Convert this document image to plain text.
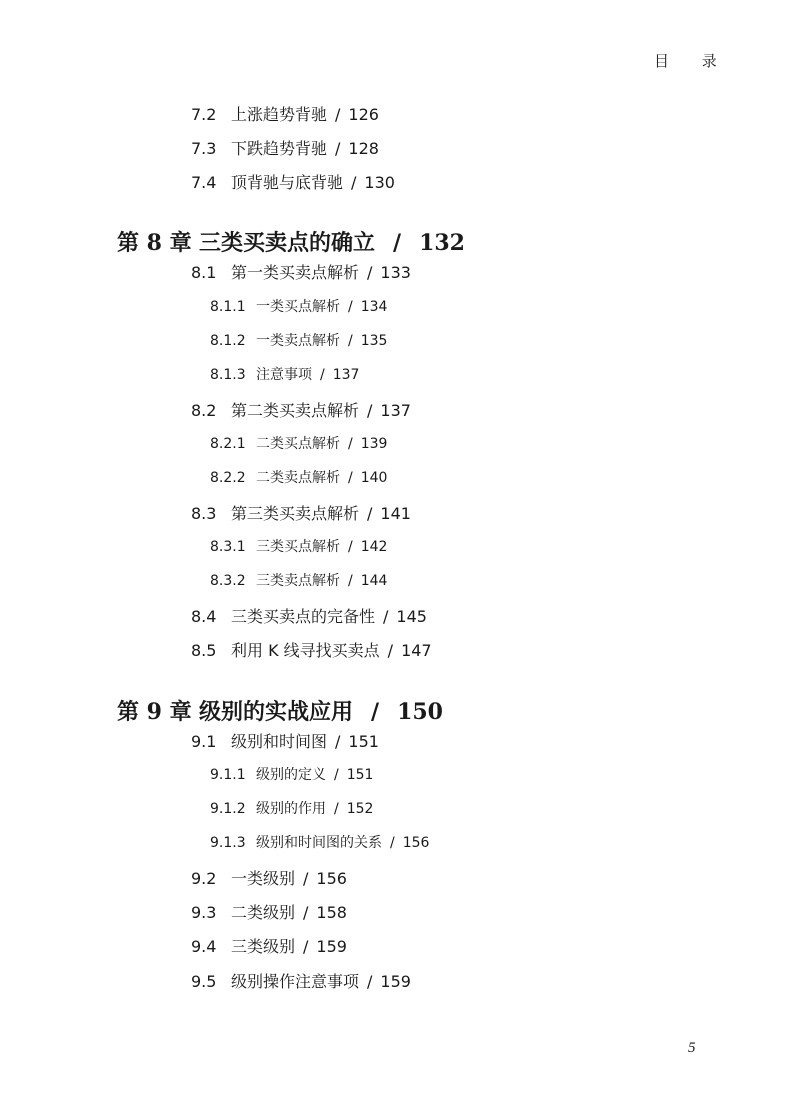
目 录
7.2 上涨趋势背驰 / 126
7.3 下跌趋势背驰 / 128
7.4 顶背驰与底背驰 / 130
第 8 章 三类买卖点的确立 / 132
8.1 第一类买卖点解析 / 133
8.1.1 一类买点解析 / 134
8.1.2 一类卖点解析 / 135
8.1.3 注意事项 / 137
8.2 第二类买卖点解析 / 137
8.2.1 二类买点解析 / 139
8.2.2 二类卖点解析 / 140
8.3 第三类买卖点解析 / 141
8.3.1 三类买点解析 / 142
8.3.2 三类卖点解析 / 144
8.4 三类买卖点的完备性 / 145
8.5 利用 K 线寻找买卖点 / 147
第 9 章 级别的实战应用 / 150
9.1 级别和时间图 / 151
9.1.1 级别的定义 / 151
9.1.2 级别的作用 / 152
9.1.3 级别和时间图的关系 / 156
9.2 一类级别 / 156
9.3 二类级别 / 158
9.4 三类级别 / 159
9.5 级别操作注意事项 / 159
5
